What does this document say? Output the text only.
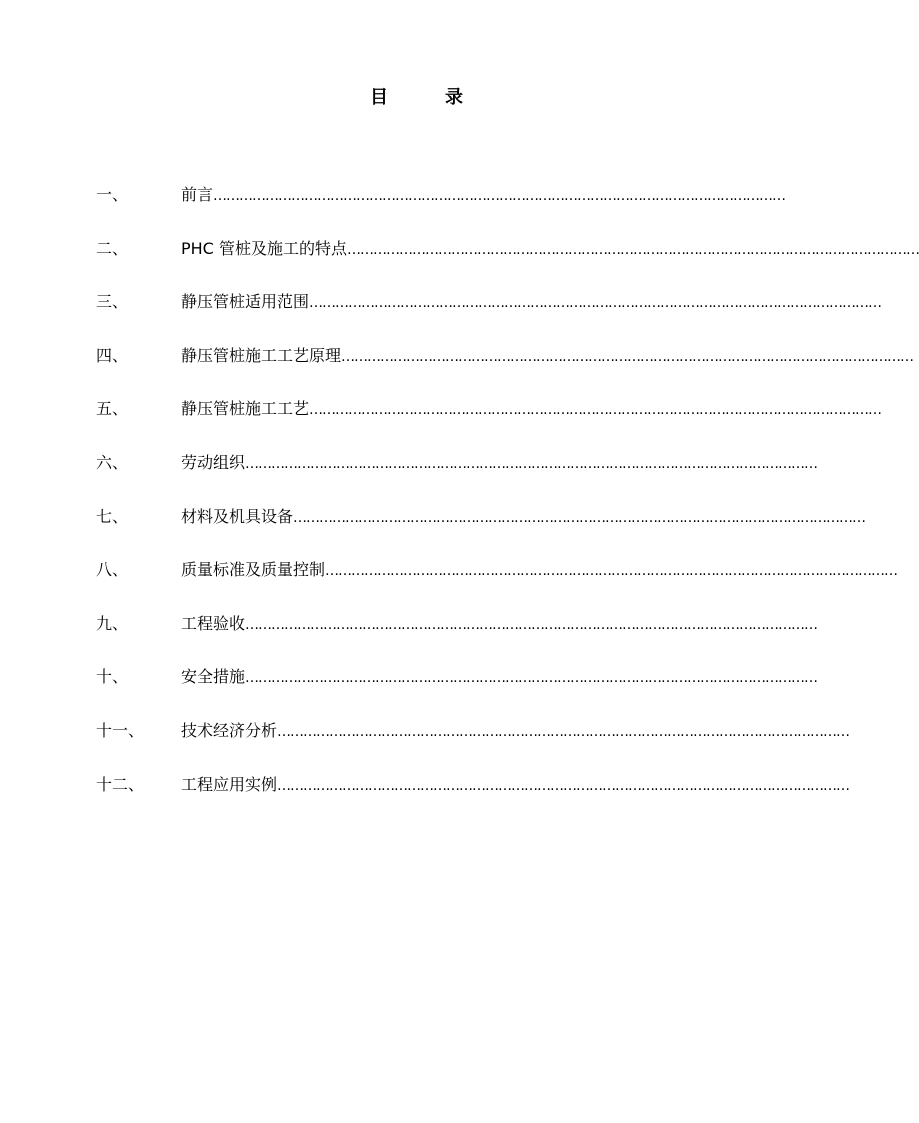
目	录
一、	前言 ……………………………………………………………………………………………………………………
二、	PHC 管桩及施工的特点 ……………………………………………………………………………………………………………………
三、	静压管桩适用范围 ……………………………………………………………………………………………………………………
四、	静压管桩施工工艺原理 ……………………………………………………………………………………………………………………
五、	静压管桩施工工艺 ……………………………………………………………………………………………………………………
六、	劳动组织 ……………………………………………………………………………………………………………………
七、	材料及机具设备 ……………………………………………………………………………………………………………………
八、	质量标准及质量控制 ……………………………………………………………………………………………………………………
九、	工程验收 ……………………………………………………………………………………………………………………
十、	安全措施 ……………………………………………………………………………………………………………………
十一、 技术经济分析 ……………………………………………………………………………………………………………………
十二、 工程应用实例 ……………………………………………………………………………………………………………………
